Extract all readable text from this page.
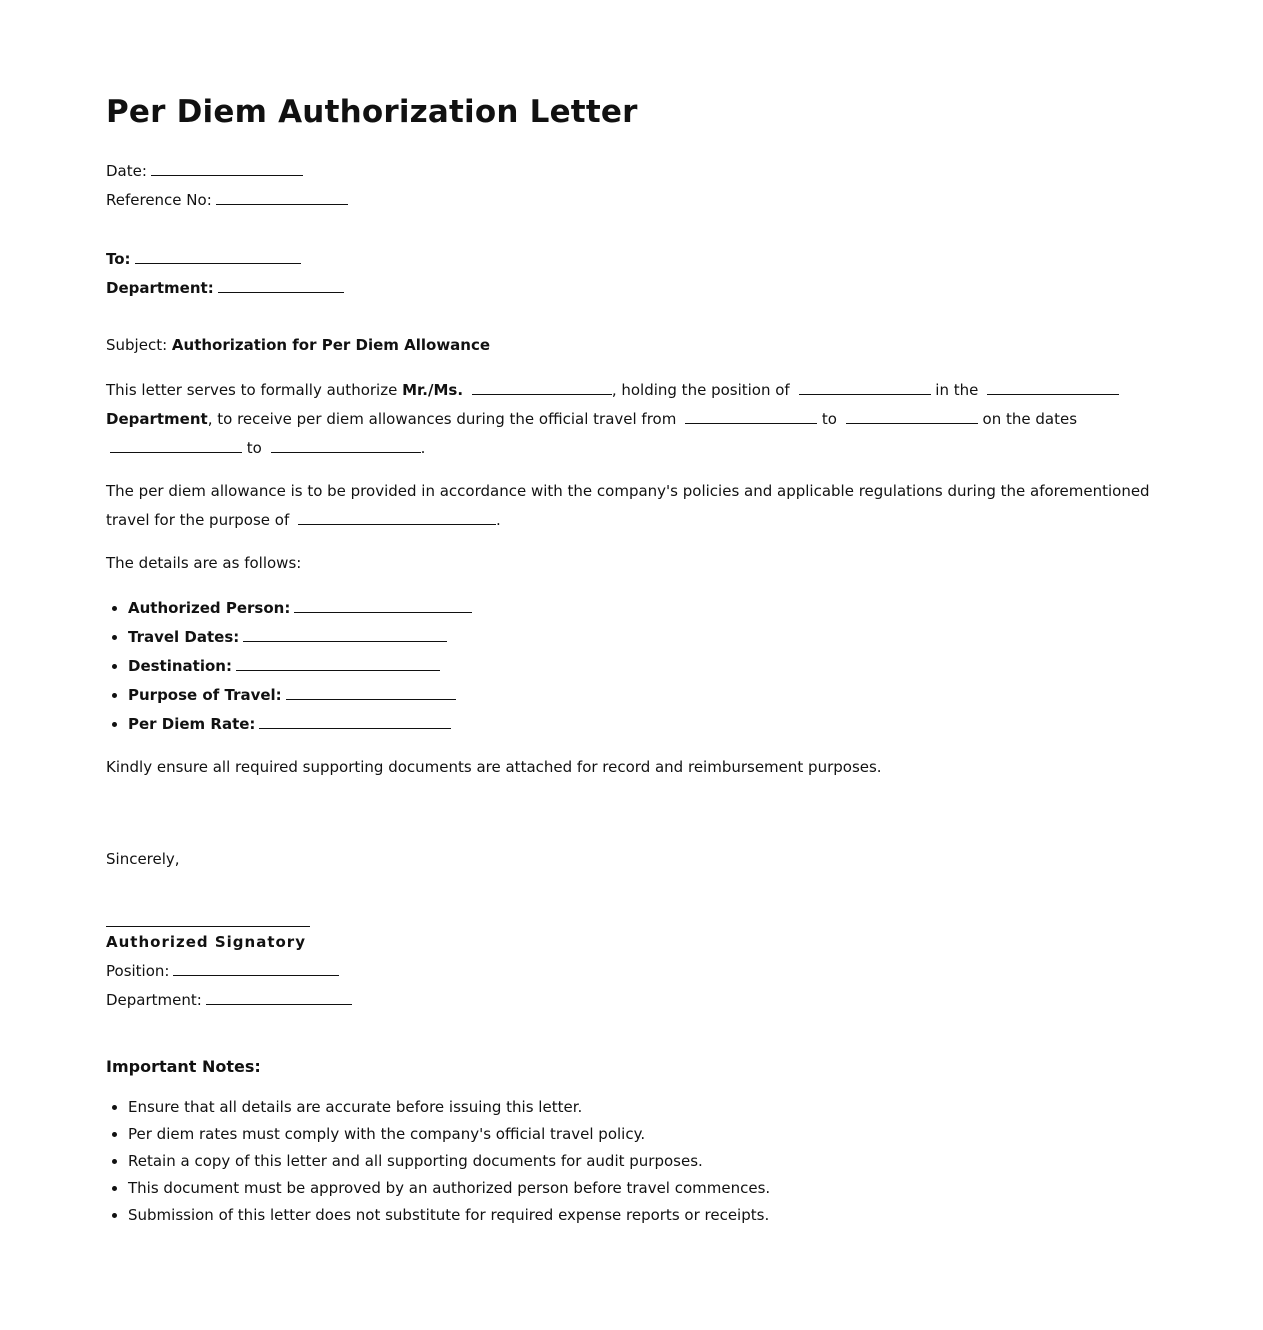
Per Diem Authorization Letter
Date:
Reference No:
To:
Department:

Subject: Authorization for Per Diem Allowance

This letter serves to formally authorize Mr./Ms.	, holding the position of	in the  Department, to receive per diem allowances during the official travel from	to	on the dates  to	.

The per diem allowance is to be provided in accordance with the company's policies and applicable regulations during the aforementioned travel for the purpose of	.

The details are as follows:

• Authorized Person:
• Travel Dates:
• Destination:
• Purpose of Travel:
• Per Diem Rate:

Kindly ensure all required supporting documents are attached for record and reimbursement purposes.

Sincerely,

Authorized Signatory
Position:
Department:
Important Notes:
• Ensure that all details are accurate before issuing this letter.
• Per diem rates must comply with the company's official travel policy.
• Retain a copy of this letter and all supporting documents for audit purposes.
• This document must be approved by an authorized person before travel commences.
• Submission of this letter does not substitute for required expense reports or receipts.
